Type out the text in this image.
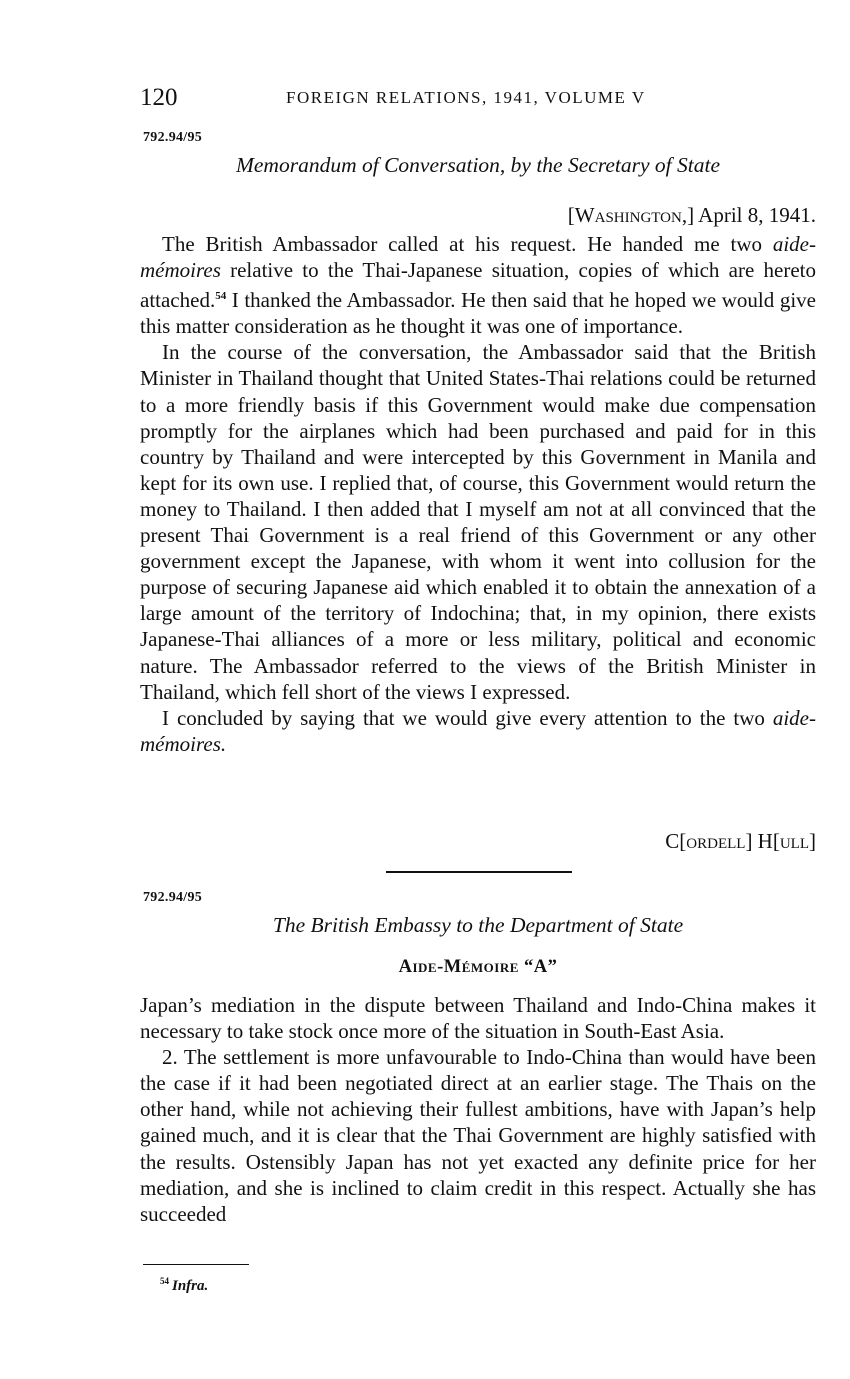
120	FOREIGN RELATIONS, 1941, VOLUME V
792.94/95
Memorandum of Conversation, by the Secretary of State
[Washington,] April 8, 1941.

The British Ambassador called at his request. He handed me two aide-mémoires relative to the Thai-Japanese situation, copies of which are hereto attached.$^{54}$ I thanked the Ambassador. He then said that he hoped we would give this matter consideration as he thought it was one of importance.

In the course of the conversation, the Ambassador said that the British Minister in Thailand thought that United States-Thai relations could be returned to a more friendly basis if this Government would make due compensation promptly for the airplanes which had been purchased and paid for in this country by Thailand and were intercepted by this Government in Manila and kept for its own use. I replied that, of course, this Government would return the money to Thailand. I then added that I myself am not at all convinced that the present Thai Government is a real friend of this Government or any other government except the Japanese, with whom it went into collusion for the purpose of securing Japanese aid which enabled it to obtain the annexation of a large amount of the territory of Indochina; that, in my opinion, there exists Japanese-Thai alliances of a more or less military, political and economic nature. The Ambassador referred to the views of the British Minister in Thailand, which fell short of the views I expressed.

I concluded by saying that we would give every attention to the two aide-mémoires.

C[ordell] H[ull]
792.94/95
The British Embassy to the Department of State
Aide-Mémoire “A”

Japan’s mediation in the dispute between Thailand and Indo-China makes it necessary to take stock once more of the situation in South-East Asia.

2. The settlement is more unfavourable to Indo-China than would have been the case if it had been negotiated direct at an earlier stage. The Thais on the other hand, while not achieving their fullest ambitions, have with Japan’s help gained much, and it is clear that the Thai Government are highly satisfied with the results. Ostensibly Japan has not yet exacted any definite price for her mediation, and she is inclined to claim credit in this respect. Actually she has succeeded

$^{54}$ Infra.
